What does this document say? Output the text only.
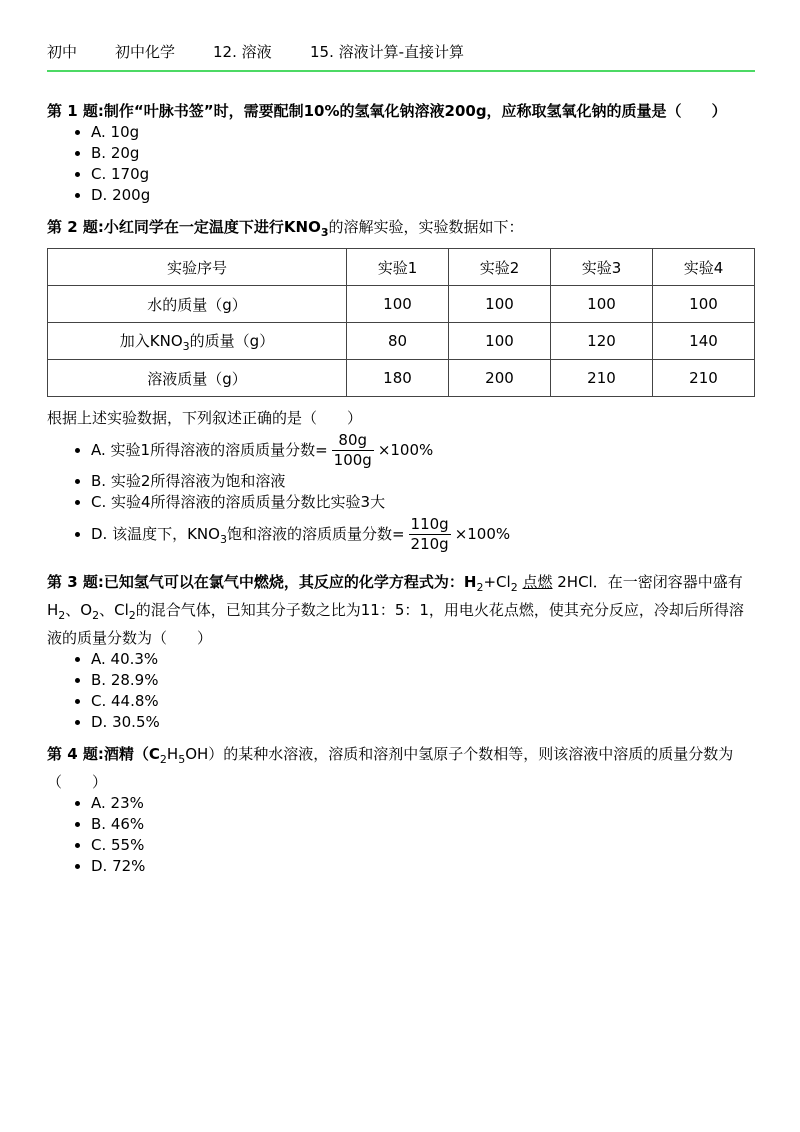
初中	初中化学	12. 溶液	15. 溶液计算-直接计算

第 1 题:制作“叶脉书签”时，需要配制10%的氢氧化钠溶液200g，应称取氢氧化钠的质量是（　　）

• A. 10g
• B. 20g
• C. 170g
• D. 200g

第 2 题:小红同学在一定温度下进行$KNO_3$的溶解实验，实验数据如下：

实验序号	实验1	实验2	实验3	实验4
水的质量（g）	100	100	100	100
加入$KNO_3$的质量（g）	80	100	120	140
溶液质量（g）	180	200	210	210

根据上述实验数据，下列叙述正确的是（　　）

• A. 实验1所得溶液的溶质质量分数= $\frac{80g}{100g} \times 100\%$
• B. 实验2所得溶液为饱和溶液
• C. 实验4所得溶液的溶质质量分数比实验3大
• D. 该温度下，$KNO_3$饱和溶液的溶质质量分数= $\frac{110g}{210g} \times 100\%$

第 3 题:已知氢气可以在氯气中燃烧，其反应的化学方程式为：$H_2+Cl_2$ 点燃 2HCl．在一密闭容器中盛有$H_2$、$O_2$、$Cl_2$的混合气体，已知其分子数之比为11：5：1，用电火花点燃，使其充分反应，冷却后所得溶液的质量分数为（　　）

• A. 40.3%
• B. 28.9%
• C. 44.8%
• D. 30.5%

第 4 题:酒精$(C_2H_5OH)$的某种水溶液，溶质和溶剂中氢原子个数相等，则该溶液中溶质的质量分数为（　　）

• A. 23%
• B. 46%
• C. 55%
• D. 72%
